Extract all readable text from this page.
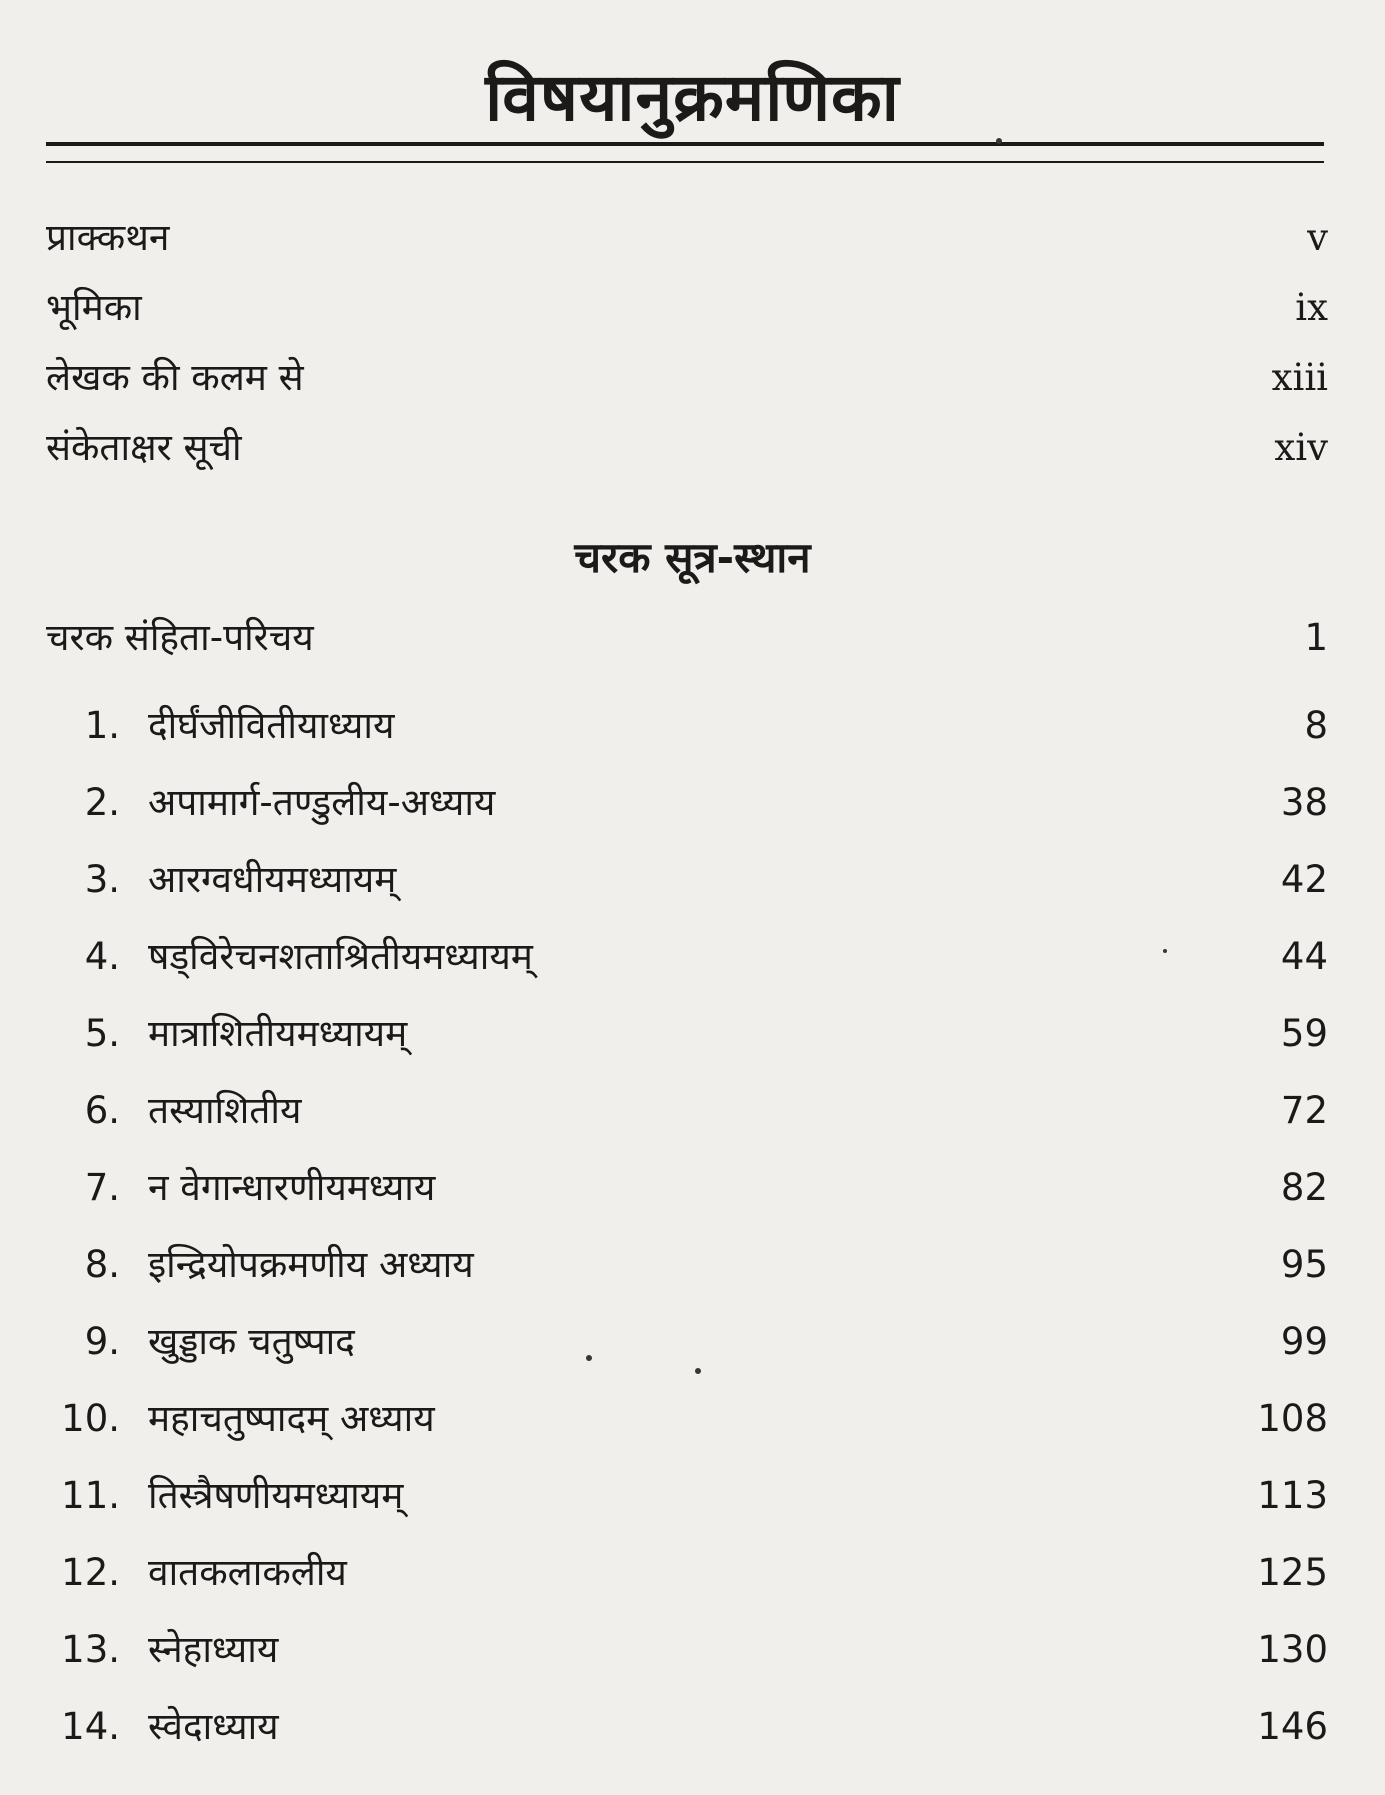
विषयानुक्रमणिका
प्राक्कथन	v
भूमिका	ix
लेखक की कलम से	xiii
संकेताक्षर सूची	xiv
चरक सूत्र-स्थान
चरक संहिता-परिचय	1
1. दीर्घंजीवितीयाध्याय	8
2. अपामार्ग-तण्डुलीय-अध्याय	38
3. आरग्वधीयमध्यायम्	42
4. षड्विरेचनशताश्रितीयमध्यायम्	44
5. मात्राशितीयमध्यायम्	59
6. तस्याशितीय	72
7. न वेगान्धारणीयमध्याय	82
8. इन्द्रियोपक्रमणीय अध्याय	95
9. खुड्डाक चतुष्पाद	99
10. महाचतुष्पादम् अध्याय	108
11. तिस्त्रैषणीयमध्यायम्	113
12. वातकलाकलीय	125
13. स्नेहाध्याय	130
14. स्वेदाध्याय	146
